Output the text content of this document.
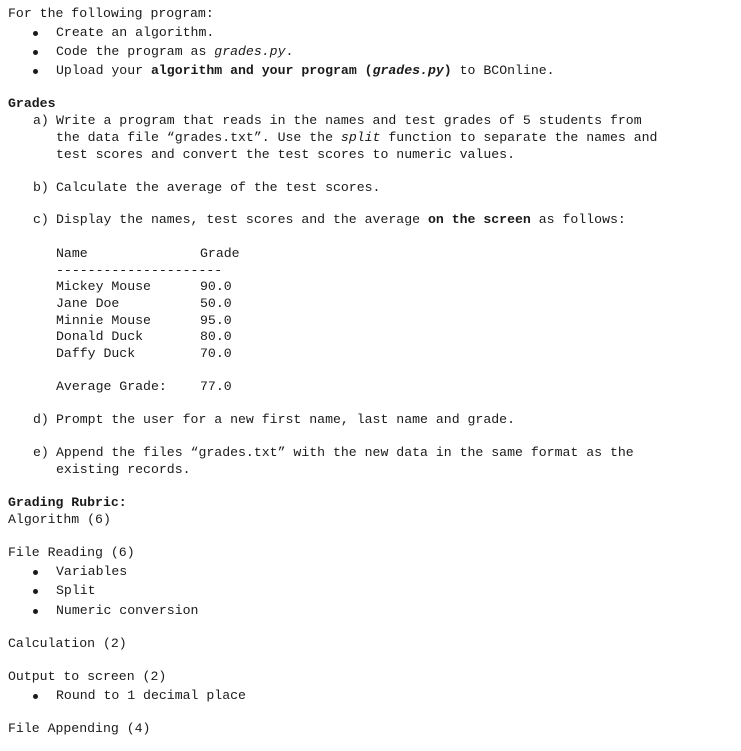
For the following program:
Create an algorithm.
Code the program as grades.py.
Upload your algorithm and your program (grades.py) to BCOnline.
Grades
a) Write a program that reads in the names and test grades of 5 students from
the data file “grades.txt”. Use the split function to separate the names and
test scores and convert the test scores to numeric values.
b) Calculate the average of the test scores.
c) Display the names, test scores and the average on the screen as follows:
Name	Grade
---------------------
Mickey Mouse	90.0
Jane Doe	50.0
Minnie Mouse	95.0
Donald Duck	80.0
Daffy Duck	70.0
Average Grade:	77.0
d) Prompt the user for a new first name, last name and grade.
e) Append the files “grades.txt” with the new data in the same format as the
existing records.
Grading Rubric:
Algorithm (6)
File Reading (6)
Variables
Split
Numeric conversion
Calculation (2)
Output to screen (2)
Round to 1 decimal place
File Appending (4)
